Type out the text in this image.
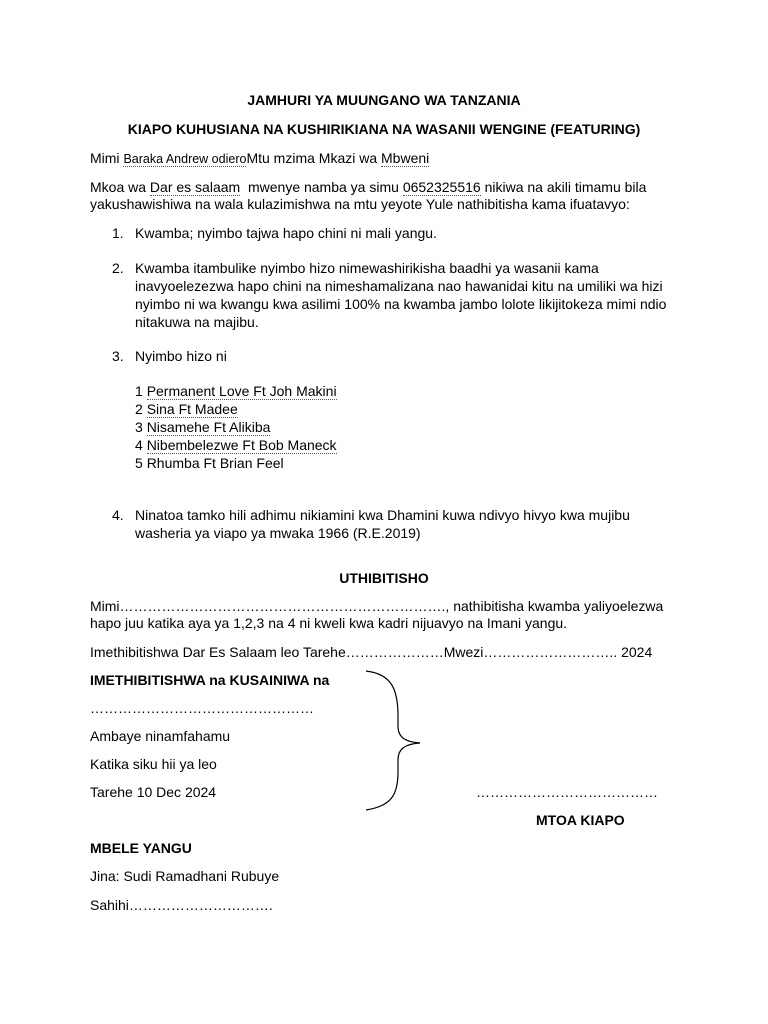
JAMHURI YA MUUNGANO WA TANZANIA
KIAPO KUHUSIANA NA KUSHIRIKIANA NA WASANII WENGINE (FEATURING)
Mimi Baraka Andrew odieroMtu mzima Mkazi wa Mbweni
Mkoa wa Dar es salaam mwenye namba ya simu 0652325516 nikiwa na akili timamu bila
yakushawishiwa na wala kulazimishwa na mtu yeyote Yule nathibitisha kama ifuatavyo:
1. Kwamba; nyimbo tajwa hapo chini ni mali yangu.
2. Kwamba itambulike nyimbo hizo nimewashirikisha baadhi ya wasanii kama
inavyoelezezwa hapo chini na nimeshamalizana nao hawanidai kitu na umiliki wa hizi
nyimbo ni wa kwangu kwa asilimi 100% na kwamba jambo lolote likijitokeza mimi ndio
nitakuwa na majibu.
3. Nyimbo hizo ni
1 Permanent Love Ft Joh Makini
2 Sina Ft Madee
3 Nisamehe Ft Alikiba
4 Nibembelezwe Ft Bob Maneck
5 Rhumba Ft Brian Feel
4. Ninatoa tamko hili adhimu nikiamini kwa Dhamini kuwa ndivyo hivyo kwa mujibu
washeria ya viapo ya mwaka 1966 (R.E.2019)
UTHIBITISHO
Mimi……………………………………………………………., nathibitisha kwamba yaliyoelezwa
hapo juu katika aya ya 1,2,3 na 4 ni kweli kwa kadri nijuavyo na Imani yangu.
Imethibitishwa Dar Es Salaam leo Tarehe…………………Mwezi……………………….. 2024
IMETHIBITISHWA na KUSAINIWA na
…………………………………………
Ambaye ninamfahamu
Katika siku hii ya leo
Tarehe 10 Dec 2024	…………………………………
MTOA KIAPO
MBELE YANGU
Jina: Sudi Ramadhani Rubuye
Sahihi………………………….
